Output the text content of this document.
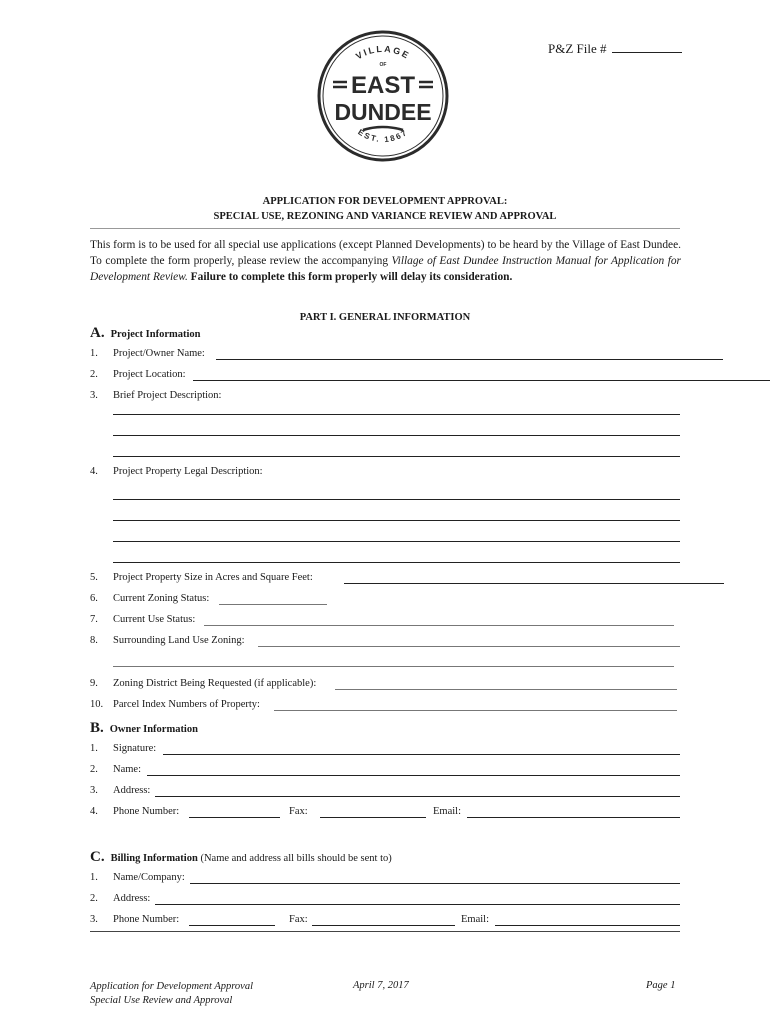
P&Z File #
VILLAGE
OF
EAST
DUNDEE
EST. 1867
APPLICATION FOR DEVELOPMENT APPROVAL:
SPECIAL USE, REZONING AND VARIANCE REVIEW AND APPROVAL
This form is to be used for all special use applications (except Planned Developments) to be heard by the Village of East Dundee. To complete the form properly, please review the accompanying Village of East Dundee Instruction Manual for Application for Development Review. Failure to complete this form properly will delay its consideration.
PART I. GENERAL INFORMATION
A. Project Information
1. Project/Owner Name:
2. Project Location:
3. Brief Project Description:
4. Project Property Legal Description:
5. Project Property Size in Acres and Square Feet:
6. Current Zoning Status:
7. Current Use Status:
8. Surrounding Land Use Zoning:
9. Zoning District Being Requested (if applicable):
10. Parcel Index Numbers of Property:
B. Owner Information
1. Signature:
2. Name:
3. Address:
4. Phone Number:	Fax:	Email:
C. Billing Information (Name and address all bills should be sent to)
1. Name/Company:
2. Address:
3. Phone Number:	Fax:	Email:
Application for Development Approval
Special Use Review and Approval
April 7, 2017	Page 1
